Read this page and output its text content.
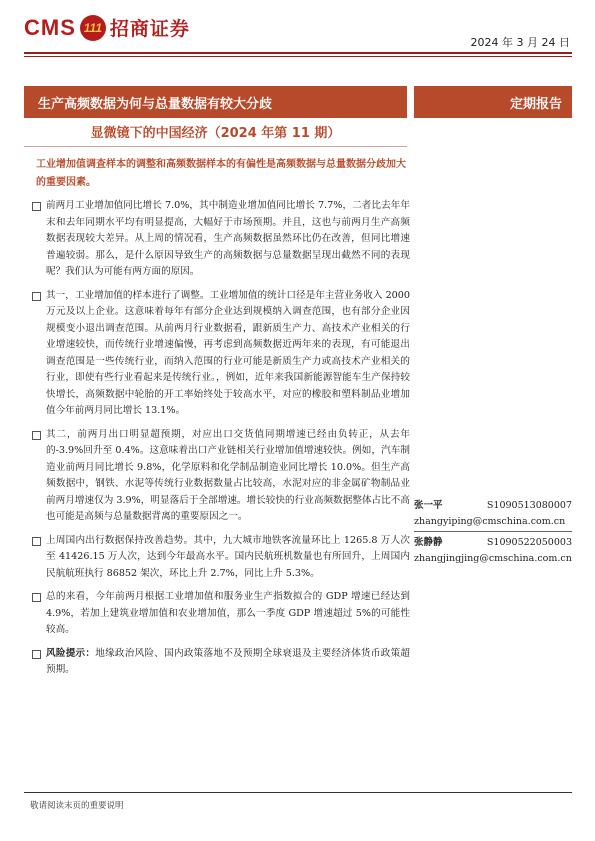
CMS 111 招商证券
2024 年 3 月 24 日
生产高频数据为何与总量数据有较大分歧	定期报告
显微镜下的中国经济（2024 年第 11 期）
工业增加值调查样本的调整和高频数据样本的有偏性是高频数据与总量数据分歧加大的重要因素。

前两月工业增加值同比增长 7.0%，其中制造业增加值同比增长 7.7%，二者比去年年末和去年同期水平均有明显提高，大幅好于市场预期。并且，这也与前两月生产高频数据表现较大差异。从上周的情况看，生产高频数据虽然环比仍在改善，但同比增速普遍较弱。那么，是什么原因导致生产的高频数据与总量数据呈现出截然不同的表现呢？我们认为可能有两方面的原因。

其一，工业增加值的样本进行了调整。工业增加值的统计口径是年主营业务收入 2000 万元及以上企业。这意味着每年有部分企业达到规模纳入调查范围，也有部分企业因规模变小退出调查范围。从前两月行业数据看，跟新质生产力、高技术产业相关的行业增速较快，而传统行业增速偏慢，再考虑到高频数据近两年来的表现，有可能退出调查范围是一些传统行业，而纳入范围的行业可能是新质生产力或高技术产业相关的行业，即使有些行业看起来是传统行业。，例如，近年来我国新能源智能车生产保持较快增长，高频数据中轮胎的开工率始终处于较高水平，对应的橡胶和塑料制品业增加值今年前两月同比增长 13.1%。

其二，前两月出口明显超预期，对应出口交货值同期增速已经由负转正，从去年的-3.9%回升至 0.4%。这意味着出口产业链相关行业增加值增速较快。例如，汽车制造业前两月同比增长 9.8%，化学原料和化学制品制造业同比增长 10.0%。但生产高频数据中，钢铁、水泥等传统行业数据数量占比较高，水泥对应的非金属矿物制品业前两月增速仅为 3.9%，明显落后于全部增速。增长较快的行业高频数据整体占比不高也可能是高频与总量数据背离的重要原因之一。

上周国内出行数据保持改善趋势。其中，九大城市地铁客流量环比上 1265.8 万人次至 41426.15 万人次，达到今年最高水平。国内民航班机数量也有所回升，上周国内民航航班执行 86852 架次，环比上升 2.7%，同比上升 5.3%。

总的来看，今年前两月根据工业增加值和服务业生产指数拟合的 GDP 增速已经达到 4.9%，若加上建筑业增加值和农业增加值，那么一季度 GDP 增速超过 5%的可能性较高。

风险提示：地缘政治风险、国内政策落地不及预期全球衰退及主要经济体货币政策超预期。

张一平	S1090513080007
zhangyiping@cmschina.com.cn
张静静	S1090522050003
zhangjingjing@cmschina.com.cn
敬请阅读末页的重要说明
